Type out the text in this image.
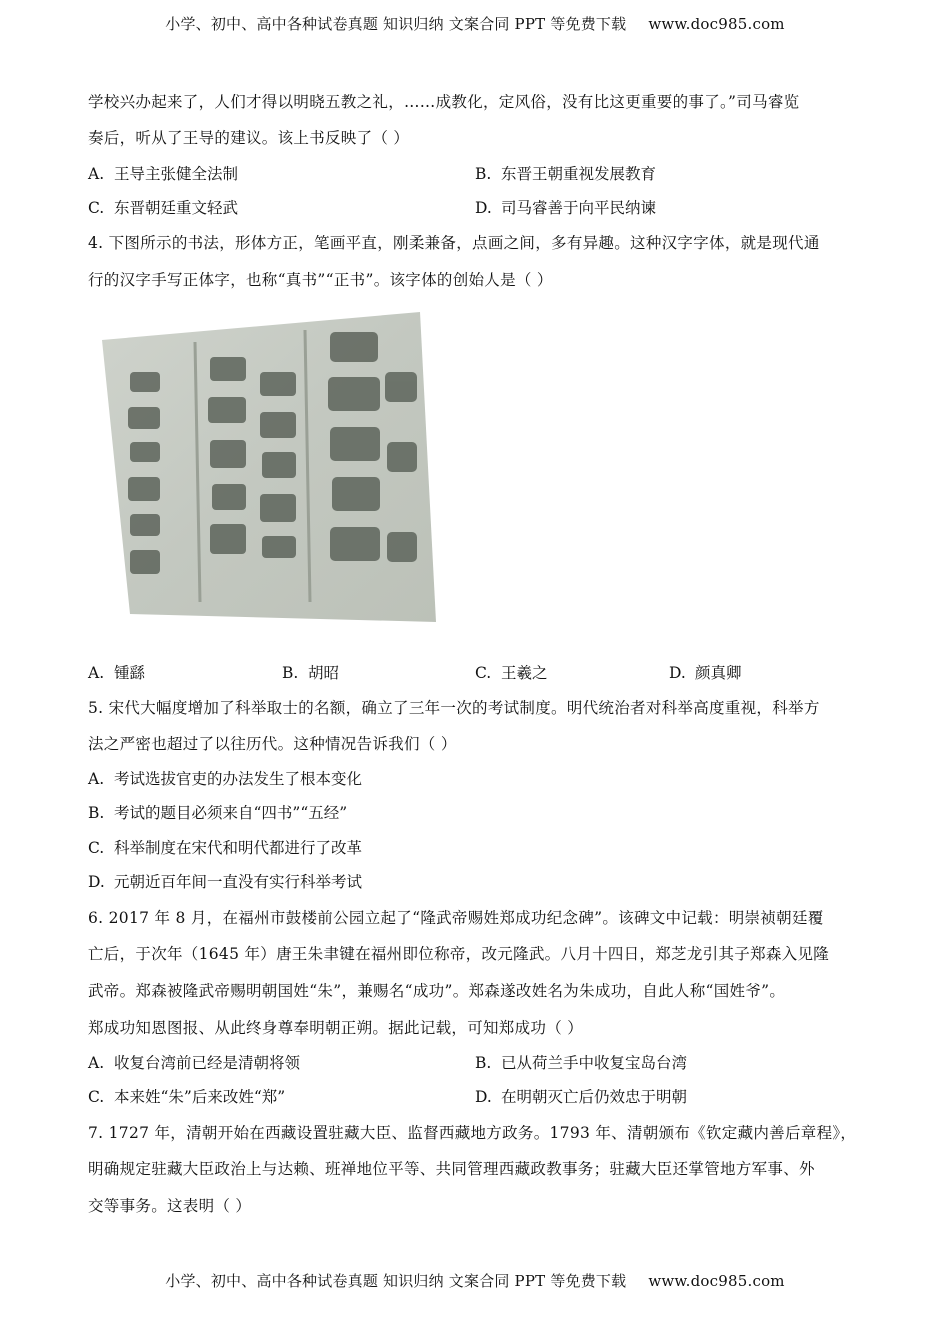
小学、初中、高中各种试卷真题 知识归纳 文案合同 PPT 等免费下载 www.doc985.com
学校兴办起来了，人们才得以明晓五教之礼，……成教化，定风俗，没有比这更重要的事了。”司马睿览
奏后，听从了王导的建议。该上书反映了（ ）
A. 王导主张健全法制	B. 东晋王朝重视发展教育
C. 东晋朝廷重文轻武	D. 司马睿善于向平民纳谏
4. 下图所示的书法，形体方正，笔画平直，刚柔兼备，点画之间，多有异趣。这种汉字字体，就是现代通
行的汉字手写正体字，也称“真书”“正书”。该字体的创始人是（ ）
A. 锺繇	B. 胡昭	C. 王羲之	D. 颜真卿
5. 宋代大幅度增加了科举取士的名额，确立了三年一次的考试制度。明代统治者对科举高度重视，科举方
法之严密也超过了以往历代。这种情况告诉我们（ ）
A. 考试选拔官吏的办法发生了根本变化
B. 考试的题目必须来自“四书”“五经”
C. 科举制度在宋代和明代都进行了改革
D. 元朝近百年间一直没有实行科举考试
6. 2017 年 8 月，在福州市鼓楼前公园立起了“隆武帝赐姓郑成功纪念碑”。该碑文中记载：明崇祯朝廷覆
亡后，于次年（1645 年）唐王朱聿键在福州即位称帝，改元隆武。八月十四日，郑芝龙引其子郑森入见隆
武帝。郑森被隆武帝赐明朝国姓“朱”，兼赐名“成功”。郑森遂改姓名为朱成功，自此人称“国姓爷”。
郑成功知恩图报、从此终身尊奉明朝正朔。据此记载，可知郑成功（ ）
A. 收复台湾前已经是清朝将领	B. 已从荷兰手中收复宝岛台湾
C. 本来姓“朱”后来改姓“郑”	D. 在明朝灭亡后仍效忠于明朝
7. 1727 年，清朝开始在西藏设置驻藏大臣、监督西藏地方政务。1793 年、清朝颁布《钦定藏内善后章程》，
明确规定驻藏大臣政治上与达赖、班禅地位平等、共同管理西藏政教事务；驻藏大臣还掌管地方军事、外
交等事务。这表明（ ）
小学、初中、高中各种试卷真题 知识归纳 文案合同 PPT 等免费下载 www.doc985.com
